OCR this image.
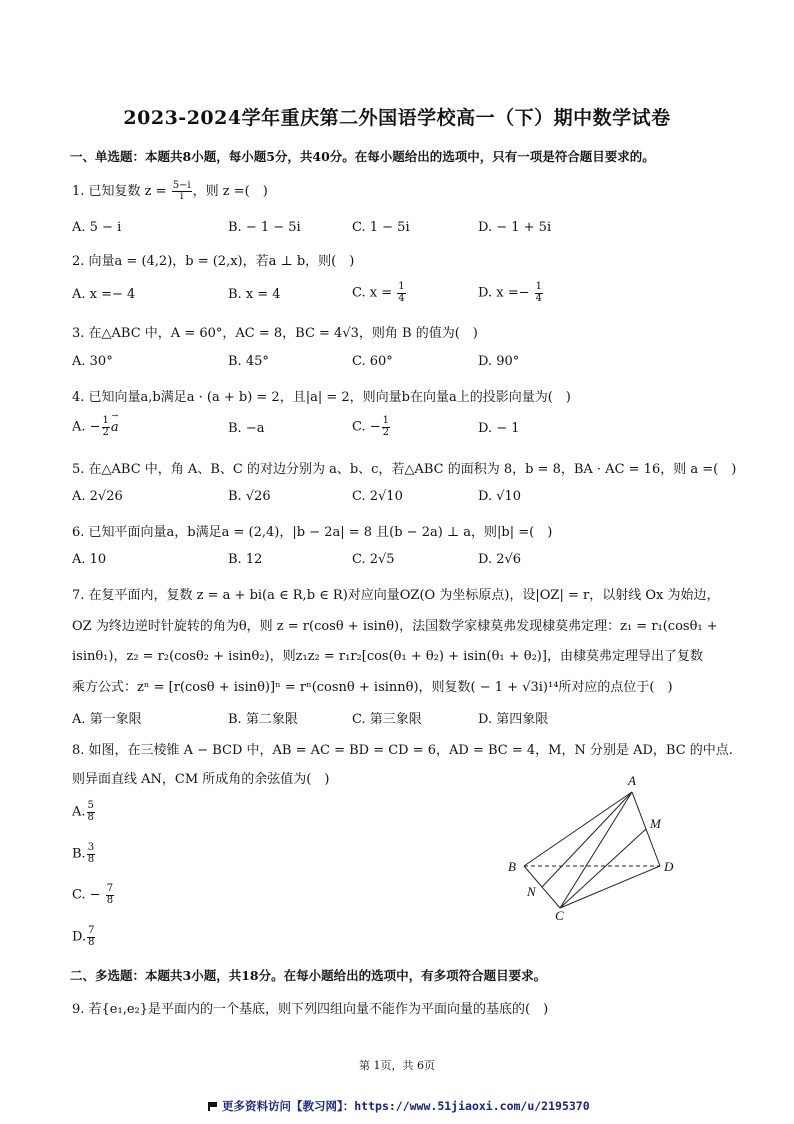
2023-2024学年重庆第二外国语学校高一（下）期中数学试卷
一、单选题：本题共8小题，每小题5分，共40分。在每小题给出的选项中，只有一项是符合题目要求的。
1. 已知复数 $z = \frac{5-i}{i}$ ，则 z =(　)
A. 5 − i	B. − 1 − 5i	C. 1 − 5i	D. − 1 + 5i
2. 向量a = (4,2)，b = (2,x)，若a ⊥ b，则(　)
A. x =− 4	B. x = 4	C. $x = \frac{1}{4}$	D. $x =- \frac{1}{4}$
3. 在△ABC 中，A = 60°，AC = 8，BC = 4√3，则角 B 的值为(　)
A. 30°	B. 45°	C. 60°	D. 90°
4. 已知向量a,b满足a · (a + b) = 2，且|a| = 2，则向量b在向量a上的投影向量为(　)
A. − $\frac{1}{2}$
→ a	B. −a	C. − $\frac{1}{2}$	D. − 1
5. 在△ABC 中，角 A、B、C 的对边分别为 a、b、c，若△ABC 的面积为 8，b = 8，BA · AC = 16，则 a =(　)
A. 2√26	B. √26	C. 2√10	D. √10
6. 已知平面向量a，b满足a = (2,4)，|b − 2a| = 8 且(b − 2a) ⊥ a，则|b| =(　)
A. 10	B. 12	C. 2√5	D. 2√6
7. 在复平面内，复数 z = a + bi(a ∈ R,b ∈ R)对应向量OZ(O 为坐标原点)，设|OZ| = r，以射线 Ox 为始边，
OZ 为终边逆时针旋转的角为θ，则 z = r(cosθ + isinθ)，法国数学家棣莫弗发现棣莫弗定理：z₁ = r₁(cosθ₁ +
isinθ₁)，z₂ = r₂(cosθ₂ + isinθ₂)，则z₁z₂ = r₁r₂[cos(θ₁ + θ₂) + isin(θ₁ + θ₂)]，由棣莫弗定理导出了复数
乘方公式：zⁿ = [r(cosθ + isinθ)]ⁿ = rⁿ(cosnθ + isinnθ)，则复数( − 1 + √3i)¹⁴所对应的点位于(　)
A. 第一象限	B. 第二象限	C. 第三象限	D. 第四象限
8. 如图，在三棱锥 A − BCD 中，AB = AC = BD = CD = 6，AD = BC = 4，M，N 分别是 AD，BC 的中点.
则异面直线 AN，CM 所成角的余弦值为(　)
A. $\frac{5}{8}$
B. $\frac{3}{8}$
C. − $\frac{7}{8}$
D. $\frac{7}{8}$
A
B
C
D
M
N
二、多选题：本题共3小题，共18分。在每小题给出的选项中，有多项符合题目要求。
9. 若{e₁,e₂}是平面内的一个基底，则下列四组向量不能作为平面向量的基底的(　)
第 1页，共 6页
更多资料访问【教习网】：https://www.51jiaoxi.com/u/2195370
